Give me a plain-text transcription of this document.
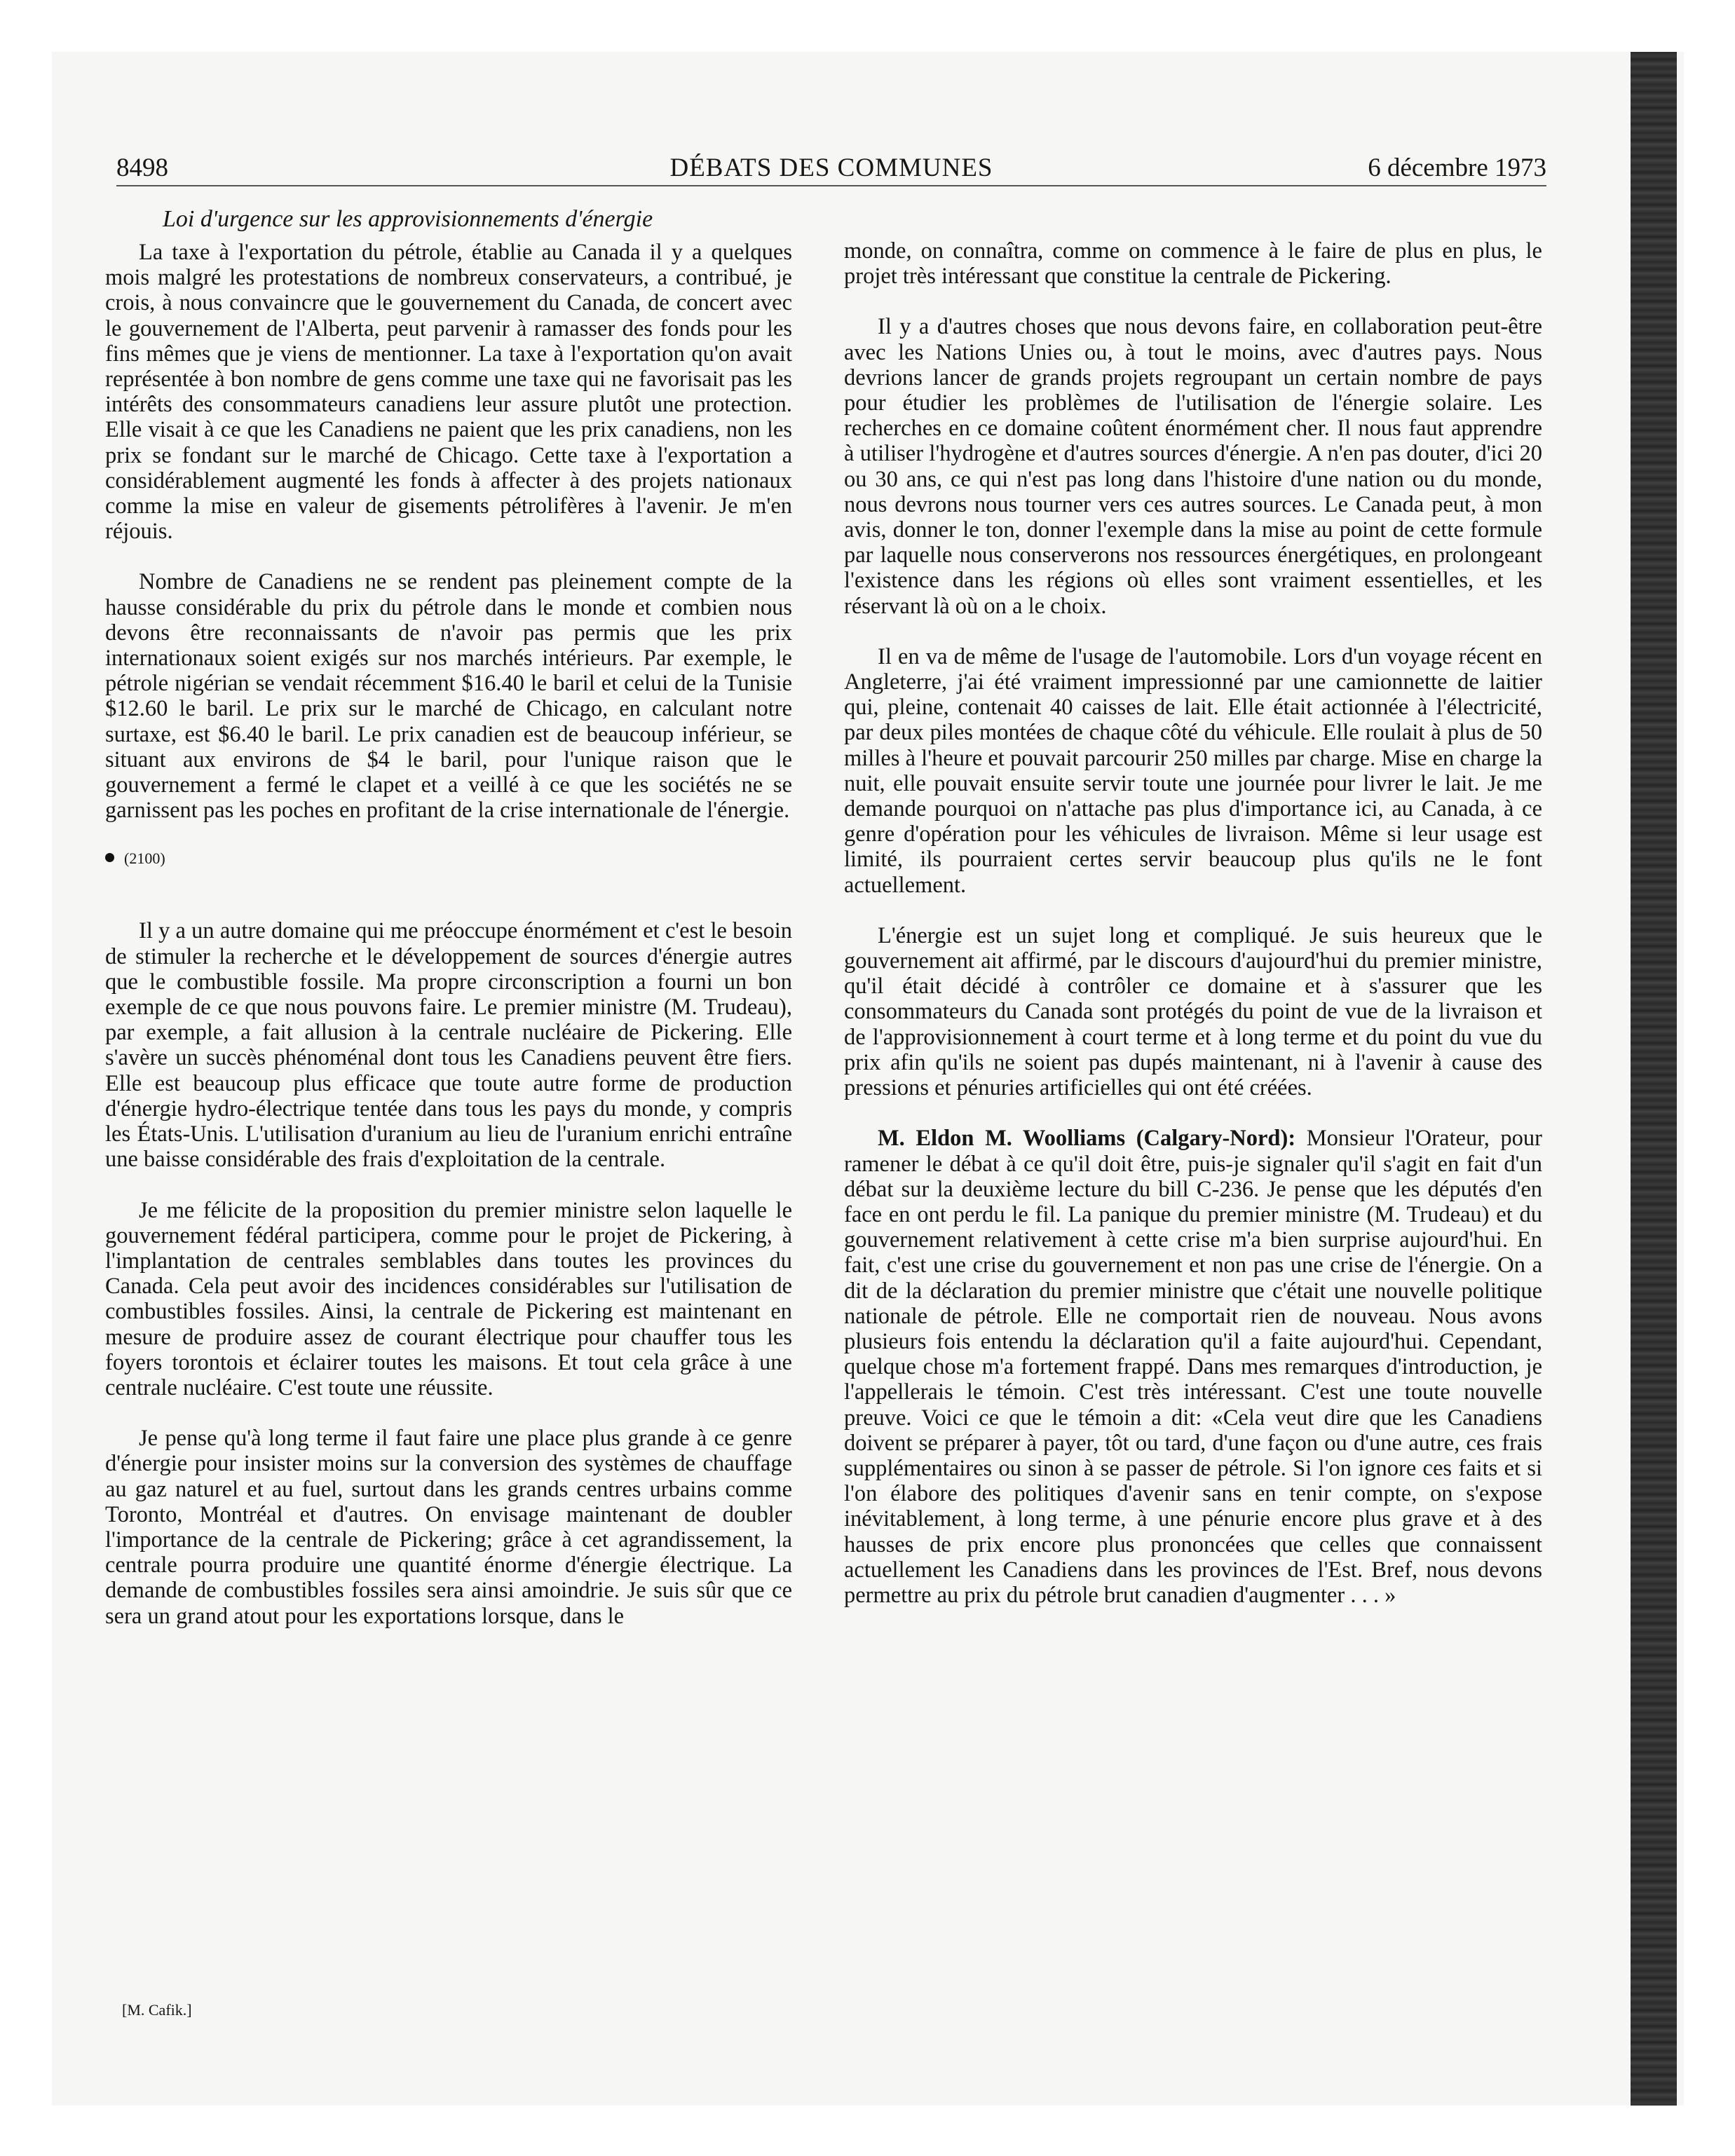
8498	DÉBATS DES COMMUNES	6 décembre 1973
Loi d'urgence sur les approvisionnements d'énergie

La taxe à l'exportation du pétrole, établie au Canada il y a quelques mois malgré les protestations de nombreux conservateurs, a contribué, je crois, à nous convaincre que le gouvernement du Canada, de concert avec le gouvernement de l'Alberta, peut parvenir à ramasser des fonds pour les fins mêmes que je viens de mentionner. La taxe à l'exportation qu'on avait représentée à bon nombre de gens comme une taxe qui ne favorisait pas les intérêts des consommateurs canadiens leur assure plutôt une protection. Elle visait à ce que les Canadiens ne paient que les prix canadiens, non les prix se fondant sur le marché de Chicago. Cette taxe à l'exportation a considérablement augmenté les fonds à affecter à des projets nationaux comme la mise en valeur de gisements pétrolifères à l'avenir. Je m'en réjouis.

Nombre de Canadiens ne se rendent pas pleinement compte de la hausse considérable du prix du pétrole dans le monde et combien nous devons être reconnaissants de n'avoir pas permis que les prix internationaux soient exigés sur nos marchés intérieurs. Par exemple, le pétrole nigérian se vendait récemment $16.40 le baril et celui de la Tunisie $12.60 le baril. Le prix sur le marché de Chicago, en calculant notre surtaxe, est $6.40 le baril. Le prix canadien est de beaucoup inférieur, se situant aux environs de $4 le baril, pour l'unique raison que le gouvernement a fermé le clapet et a veillé à ce que les sociétés ne se garnissent pas les poches en profitant de la crise internationale de l'énergie.

(2100)

Il y a un autre domaine qui me préoccupe énormément et c'est le besoin de stimuler la recherche et le développement de sources d'énergie autres que le combustible fossile. Ma propre circonscription a fourni un bon exemple de ce que nous pouvons faire. Le premier ministre (M. Trudeau), par exemple, a fait allusion à la centrale nucléaire de Pickering. Elle s'avère un succès phénoménal dont tous les Canadiens peuvent être fiers. Elle est beaucoup plus efficace que toute autre forme de production d'énergie hydro-électrique tentée dans tous les pays du monde, y compris les États-Unis. L'utilisation d'uranium au lieu de l'uranium enrichi entraîne une baisse considérable des frais d'exploitation de la centrale.

Je me félicite de la proposition du premier ministre selon laquelle le gouvernement fédéral participera, comme pour le projet de Pickering, à l'implantation de centrales semblables dans toutes les provinces du Canada. Cela peut avoir des incidences considérables sur l'utilisation de combustibles fossiles. Ainsi, la centrale de Pickering est maintenant en mesure de produire assez de courant électrique pour chauffer tous les foyers torontois et éclairer toutes les maisons. Et tout cela grâce à une centrale nucléaire. C'est toute une réussite.

Je pense qu'à long terme il faut faire une place plus grande à ce genre d'énergie pour insister moins sur la conversion des systèmes de chauffage au gaz naturel et au fuel, surtout dans les grands centres urbains comme Toronto, Montréal et d'autres. On envisage maintenant de doubler l'importance de la centrale de Pickering; grâce à cet agrandissement, la centrale pourra produire une quantité énorme d'énergie électrique. La demande de combustibles fossiles sera ainsi amoindrie. Je suis sûr que ce sera un grand atout pour les exportations lorsque, dans le

[M. Cafik.]

monde, on connaîtra, comme on commence à le faire de plus en plus, le projet très intéressant que constitue la centrale de Pickering.

Il y a d'autres choses que nous devons faire, en collaboration peut-être avec les Nations Unies ou, à tout le moins, avec d'autres pays. Nous devrions lancer de grands projets regroupant un certain nombre de pays pour étudier les problèmes de l'utilisation de l'énergie solaire. Les recherches en ce domaine coûtent énormément cher. Il nous faut apprendre à utiliser l'hydrogène et d'autres sources d'énergie. A n'en pas douter, d'ici 20 ou 30 ans, ce qui n'est pas long dans l'histoire d'une nation ou du monde, nous devrons nous tourner vers ces autres sources. Le Canada peut, à mon avis, donner le ton, donner l'exemple dans la mise au point de cette formule par laquelle nous conserverons nos ressources énergétiques, en prolongeant l'existence dans les régions où elles sont vraiment essentielles, et les réservant là où on a le choix.

Il en va de même de l'usage de l'automobile. Lors d'un voyage récent en Angleterre, j'ai été vraiment impressionné par une camionnette de laitier qui, pleine, contenait 40 caisses de lait. Elle était actionnée à l'électricité, par deux piles montées de chaque côté du véhicule. Elle roulait à plus de 50 milles à l'heure et pouvait parcourir 250 milles par charge. Mise en charge la nuit, elle pouvait ensuite servir toute une journée pour livrer le lait. Je me demande pourquoi on n'attache pas plus d'importance ici, au Canada, à ce genre d'opération pour les véhicules de livraison. Même si leur usage est limité, ils pourraient certes servir beaucoup plus qu'ils ne le font actuellement.

L'énergie est un sujet long et compliqué. Je suis heureux que le gouvernement ait affirmé, par le discours d'aujourd'hui du premier ministre, qu'il était décidé à contrôler ce domaine et à s'assurer que les consommateurs du Canada sont protégés du point de vue de la livraison et de l'approvisionnement à court terme et à long terme et du point du vue du prix afin qu'ils ne soient pas dupés maintenant, ni à l'avenir à cause des pressions et pénuries artificielles qui ont été créées.

M. Eldon M. Woolliams (Calgary-Nord): Monsieur l'Orateur, pour ramener le débat à ce qu'il doit être, puis-je signaler qu'il s'agit en fait d'un débat sur la deuxième lecture du bill C-236. Je pense que les députés d'en face en ont perdu le fil. La panique du premier ministre (M. Trudeau) et du gouvernement relativement à cette crise m'a bien surprise aujourd'hui. En fait, c'est une crise du gouvernement et non pas une crise de l'énergie. On a dit de la déclaration du premier ministre que c'était une nouvelle politique nationale de pétrole. Elle ne comportait rien de nouveau. Nous avons plusieurs fois entendu la déclaration qu'il a faite aujourd'hui. Cependant, quelque chose m'a fortement frappé. Dans mes remarques d'introduction, je l'appellerais le témoin. C'est très intéressant. C'est une toute nouvelle preuve. Voici ce que le témoin a dit: «Cela veut dire que les Canadiens doivent se préparer à payer, tôt ou tard, d'une façon ou d'une autre, ces frais supplémentaires ou sinon à se passer de pétrole. Si l'on ignore ces faits et si l'on élabore des politiques d'avenir sans en tenir compte, on s'expose inévitablement, à long terme, à une pénurie encore plus grave et à des hausses de prix encore plus prononcées que celles que connaissent actuellement les Canadiens dans les provinces de l'Est. Bref, nous devons permettre au prix du pétrole brut canadien d'augmenter . . . »
